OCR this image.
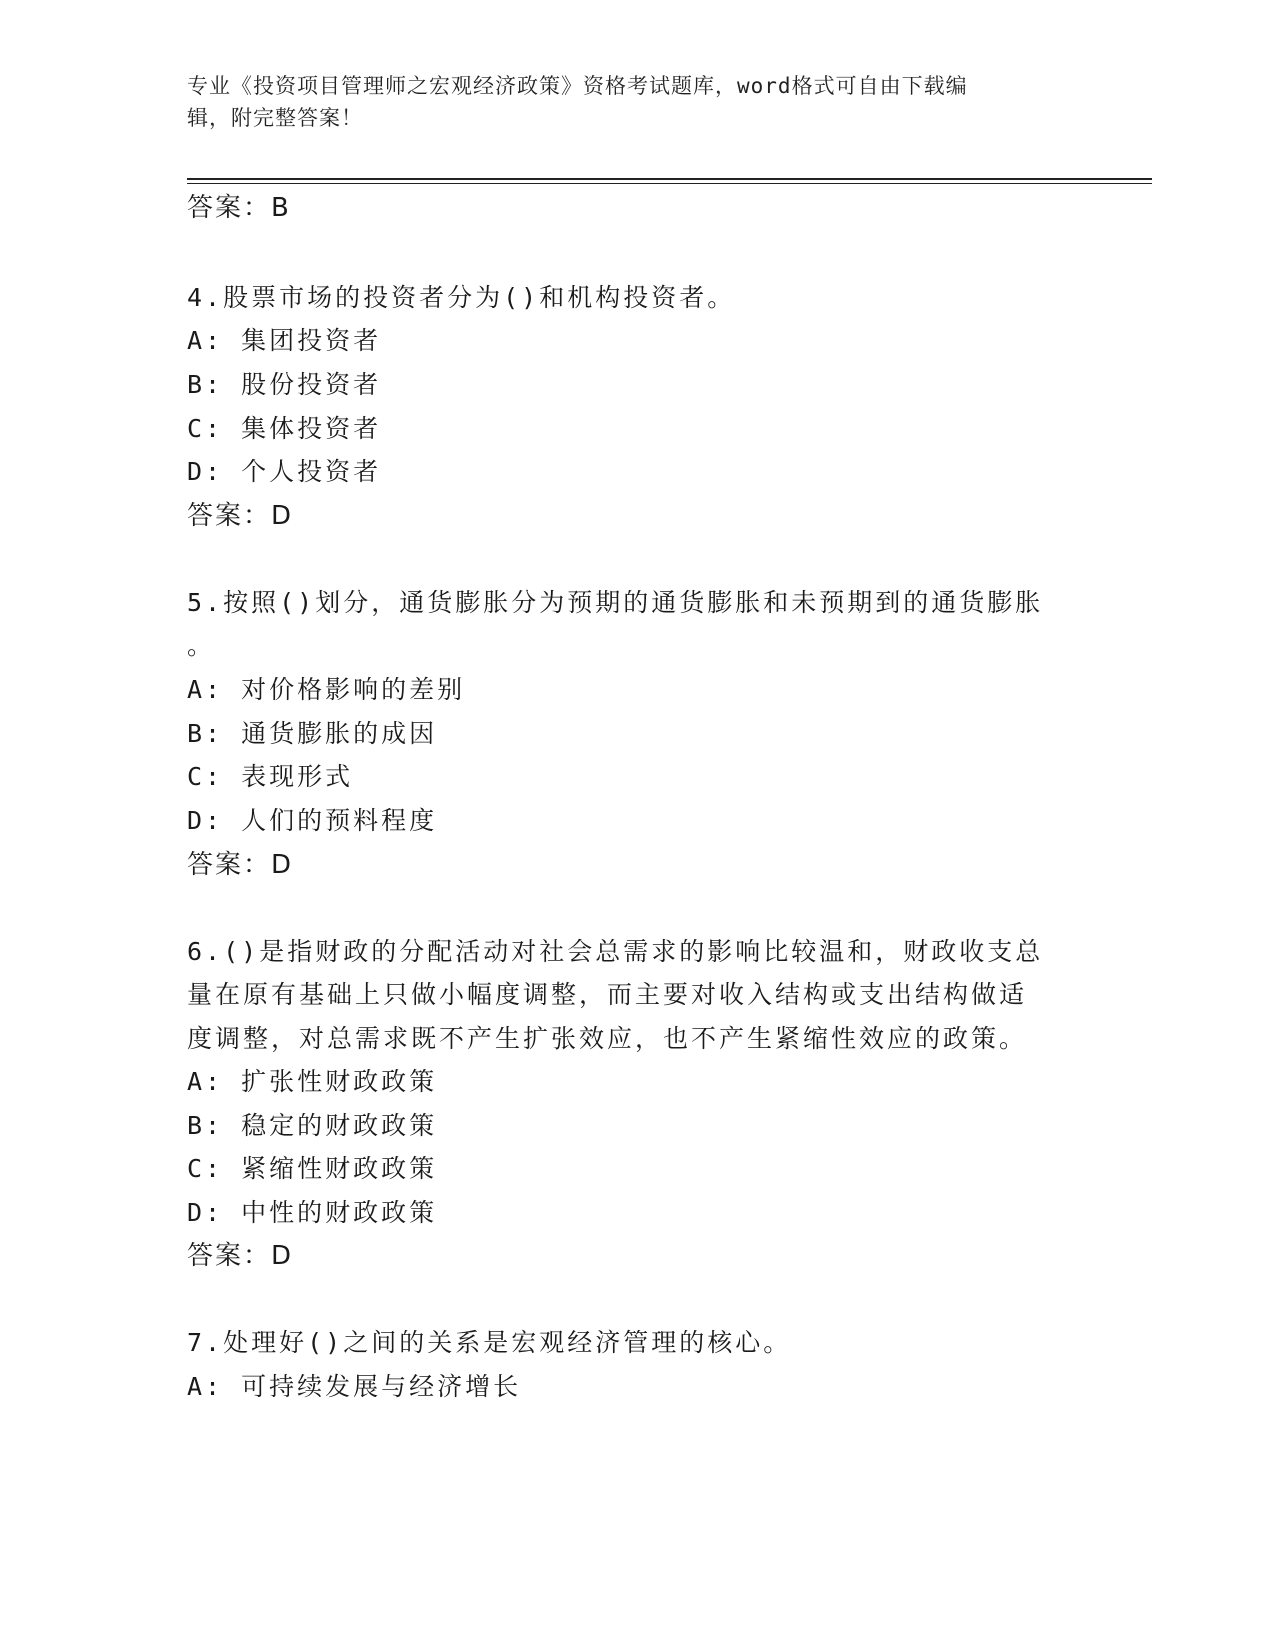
专业《投资项目管理师之宏观经济政策》资格考试题库，word格式可自由下载编
辑，附完整答案！
答案：B
4.股票市场的投资者分为()和机构投资者。
A: 集团投资者
B: 股份投资者
C: 集体投资者
D: 个人投资者
答案：D
5.按照()划分，通货膨胀分为预期的通货膨胀和未预期到的通货膨胀
。
A: 对价格影响的差别
B: 通货膨胀的成因
C: 表现形式
D: 人们的预料程度
答案：D
6.()是指财政的分配活动对社会总需求的影响比较温和，财政收支总
量在原有基础上只做小幅度调整，而主要对收入结构或支出结构做适
度调整，对总需求既不产生扩张效应，也不产生紧缩性效应的政策。
A: 扩张性财政政策
B: 稳定的财政政策
C: 紧缩性财政政策
D: 中性的财政政策
答案：D
7.处理好()之间的关系是宏观经济管理的核心。
A: 可持续发展与经济增长
